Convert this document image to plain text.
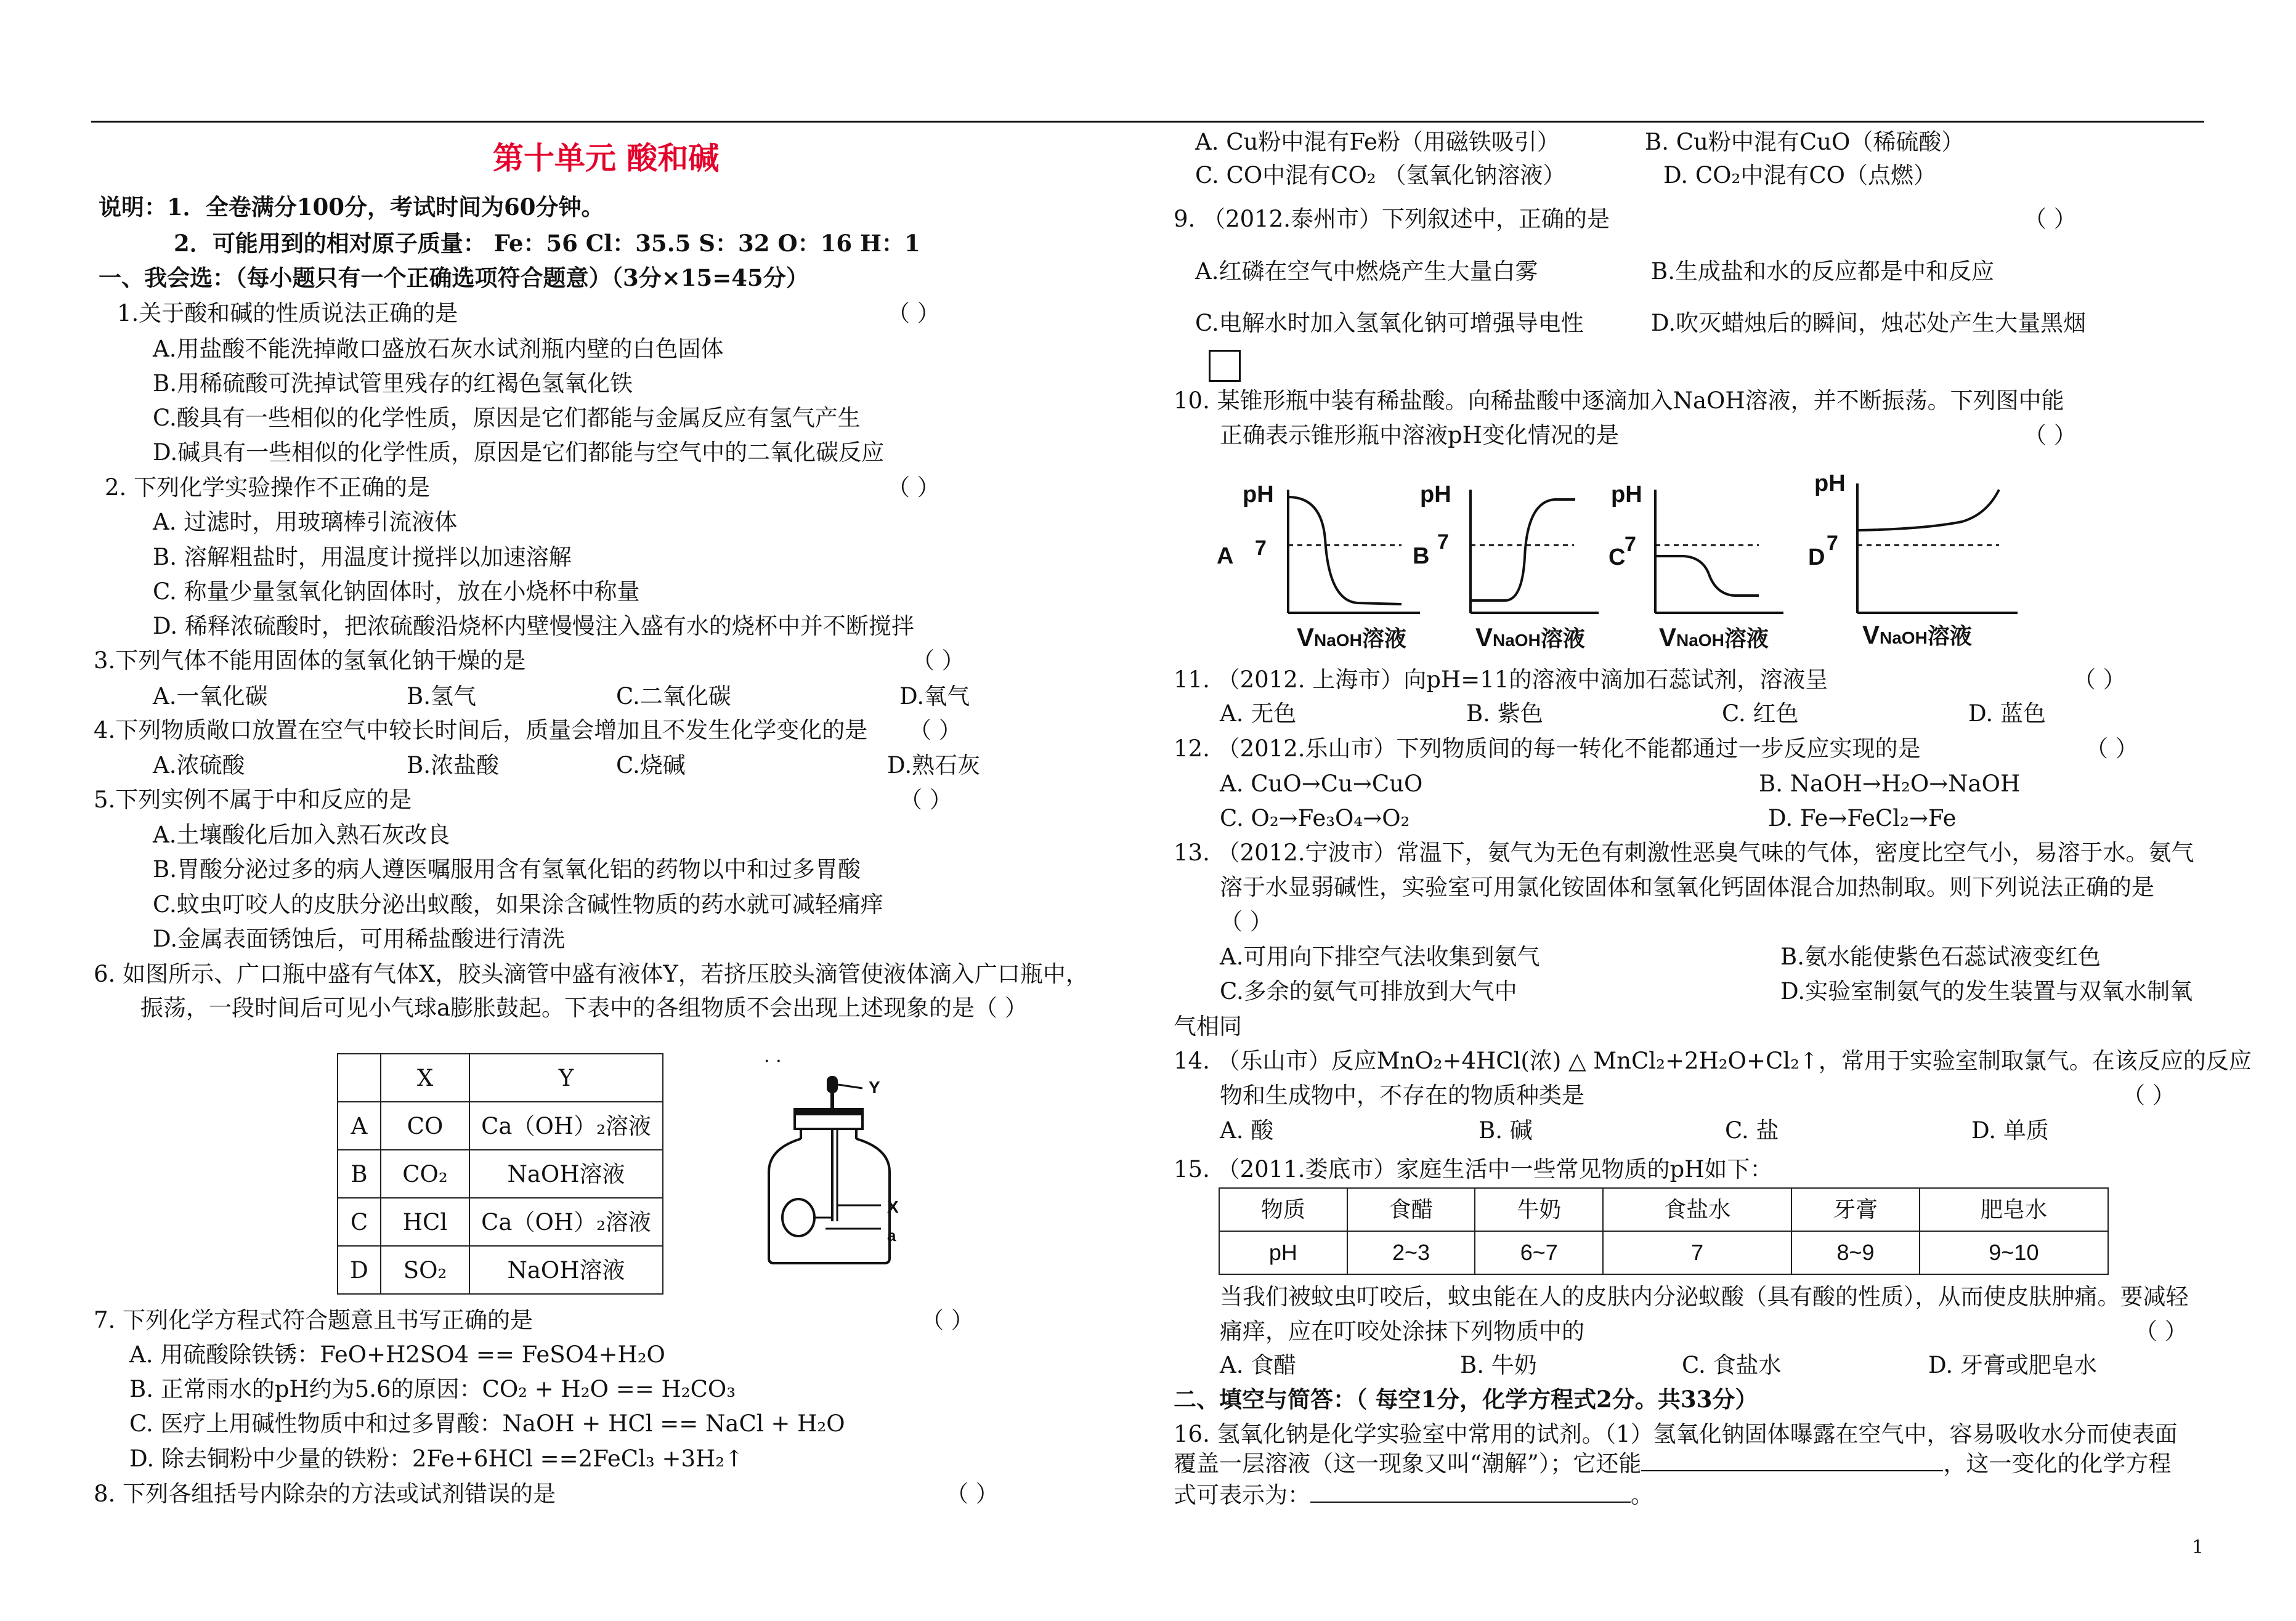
第十单元 酸和碱
说明：1．全卷满分100分，考试时间为60分钟。
2．可能用到的相对原子质量： Fe：56 Cl：35.5 S：32 O：16 H：1
一、我会选：（每小题只有一个正确选项符合题意）（3分×15=45分）
1.关于酸和碱的性质说法正确的是	（ ）
A.用盐酸不能洗掉敞口盛放石灰水试剂瓶内壁的白色固体
B.用稀硫酸可洗掉试管里残存的红褐色氢氧化铁
C.酸具有一些相似的化学性质，原因是它们都能与金属反应有氢气产生
D.碱具有一些相似的化学性质，原因是它们都能与空气中的二氧化碳反应
2. 下列化学实验操作不正确的是	（ ）
A. 过滤时，用玻璃棒引流液体
B. 溶解粗盐时，用温度计搅拌以加速溶解
C. 称量少量氢氧化钠固体时，放在小烧杯中称量
D. 稀释浓硫酸时，把浓硫酸沿烧杯内壁慢慢注入盛有水的烧杯中并不断搅拌
3.下列气体不能用固体的氢氧化钠干燥的是	（ ）
A.一氧化碳	B.氢气	C.二氧化碳	D.氧气
4.下列物质敞口放置在空气中较长时间后，质量会增加且不发生化学变化的是 （ ）
A.浓硫酸	B.浓盐酸	C.烧碱	D.熟石灰
5.下列实例不属于中和反应的是	（ ）
A.土壤酸化后加入熟石灰改良
B.胃酸分泌过多的病人遵医嘱服用含有氢氧化铝的药物以中和过多胃酸
C.蚊虫叮咬人的皮肤分泌出蚁酸，如果涂含碱性物质的药水就可减轻痛痒
D.金属表面锈蚀后，可用稀盐酸进行清洗
6. 如图所示、广口瓶中盛有气体X，胶头滴管中盛有液体Y，若挤压胶头滴管使液体滴入广口瓶中，
振荡，一段时间后可见小气球a膨胀鼓起。下表中的各组物质不会出现上述现象的是（ ）
	X	Y
A	CO	Ca（OH）₂溶液
B	CO₂	NaOH溶液
C	HCl	Ca（OH）₂溶液
D	SO₂	NaOH溶液
. .
Y
X
a
7. 下列化学方程式符合题意且书写正确的是	（ ）
A. 用硫酸除铁锈：FeO+H2SO4 == FeSO4+H₂O
B. 正常雨水的pH约为5.6的原因：CO₂ + H₂O == H₂CO₃
C. 医疗上用碱性物质中和过多胃酸：NaOH + HCl == NaCl + H₂O
D. 除去铜粉中少量的铁粉：2Fe+6HCl ==2FeCl₃ +3H₂↑
8. 下列各组括号内除杂的方法或试剂错误的是	（ ）
A. Cu粉中混有Fe粉（用磁铁吸引）	B. Cu粉中混有CuO（稀硫酸）
C. CO中混有CO₂ （氢氧化钠溶液）	D. CO₂中混有CO（点燃）
9. （2012.泰州市）下列叙述中，正确的是	（ ）
A.红磷在空气中燃烧产生大量白雾	B.生成盐和水的反应都是中和反应
C.电解水时加入氢氧化钠可增强导电性	D.吹灭蜡烛后的瞬间，烛芯处产生大量黑烟
10. 某锥形瓶中装有稀盐酸。向稀盐酸中逐滴加入NaOH溶液，并不断振荡。下列图中能
正确表示锥形瓶中溶液pH变化情况的是	（ ）
pH
A 7
VNaOH溶液
pH
B
7
VNaOH溶液
pH
C
7
VNaOH溶液
pH
D
7
VNaOH溶液
11. （2012. 上海市）向pH=11的溶液中滴加石蕊试剂，溶液呈	（ ）
A. 无色	B. 紫色	C. 红色	D. 蓝色
12. （2012.乐山市）下列物质间的每一转化不能都通过一步反应实现的是	（ ）
A. CuO→Cu→CuO	B. NaOH→H₂O→NaOH
C. O₂→Fe₃O₄→O₂	D. Fe→FeCl₂→Fe
13. （2012.宁波市）常温下，氨气为无色有刺激性恶臭气味的气体，密度比空气小，易溶于水。氨气
溶于水显弱碱性，实验室可用氯化铵固体和氢氧化钙固体混合加热制取。则下列说法正确的是
（ ）
A.可用向下排空气法收集到氨气	B.氨水能使紫色石蕊试液变红色
C.多余的氨气可排放到大气中	D.实验室制氨气的发生装置与双氧水制氧
气相同
14. （乐山市）反应MnO₂+4HCl(浓) △ MnCl₂+2H₂O+Cl₂↑，常用于实验室制取氯气。在该反应的反应
物和生成物中，不存在的物质种类是	（ ）
A. 酸	B. 碱	C. 盐	D. 单质
15. （2011.娄底市）家庭生活中一些常见物质的pH如下：
物质	食醋	牛奶	食盐水	牙膏	肥皂水
pH	2~3	6~7	7	8~9	9~10
当我们被蚊虫叮咬后，蚊虫能在人的皮肤内分泌蚁酸（具有酸的性质），从而使皮肤肿痛。要减轻
痛痒，应在叮咬处涂抹下列物质中的	（ ）
A. 食醋	B. 牛奶	C. 食盐水	D. 牙膏或肥皂水
二、填空与简答：（ 每空1分，化学方程式2分。共33分）
16. 氢氧化钠是化学实验室中常用的试剂。（1）氢氧化钠固体曝露在空气中，容易吸收水分而使表面
覆盖一层溶液（这一现象又叫“潮解”）；它还能	，这一变化的化学方程
式可表示为：	。
1
